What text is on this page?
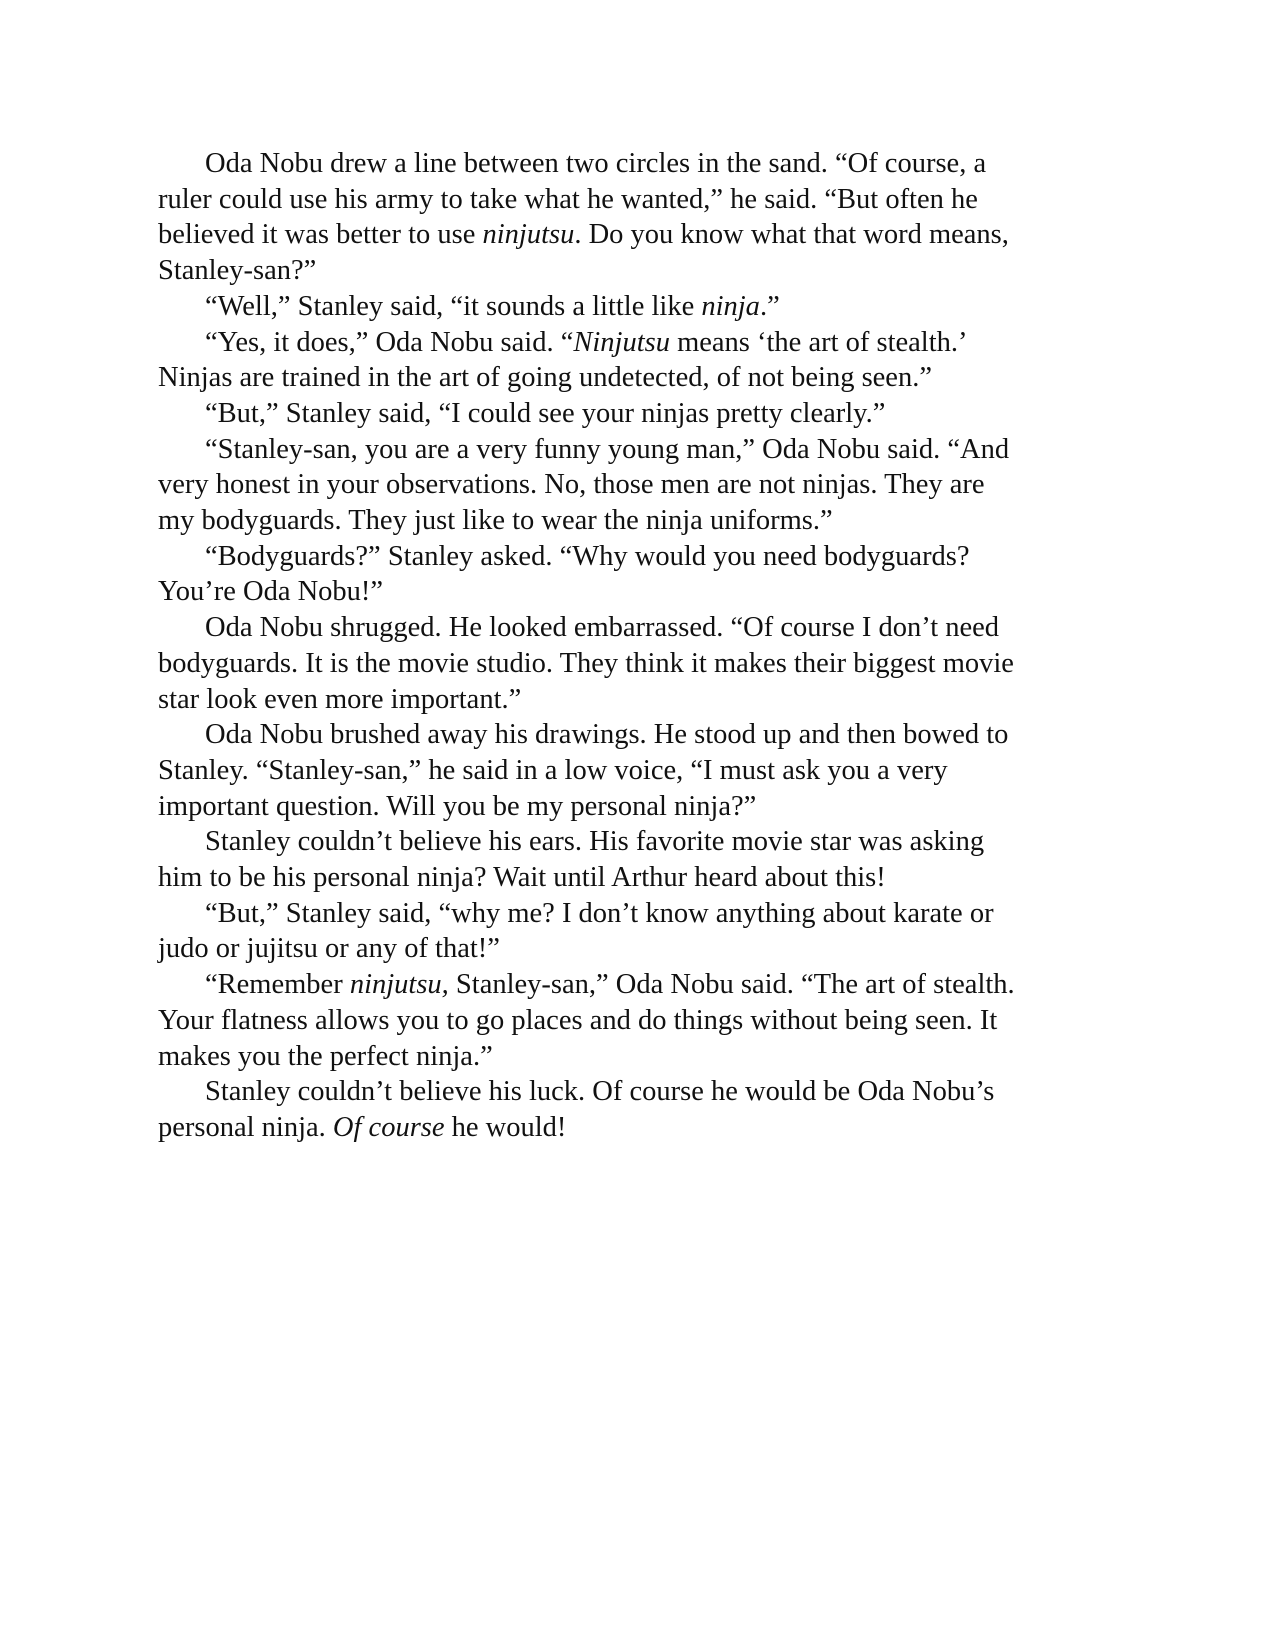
Oda Nobu drew a line between two circles in the sand. “Of course, a
ruler could use his army to take what he wanted,” he said. “But often he
believed it was better to use ninjutsu. Do you know what that word means,
Stanley-san?”

“Well,” Stanley said, “it sounds a little like ninja.”

“Yes, it does,” Oda Nobu said. “Ninjutsu means ‘the art of stealth.’
Ninjas are trained in the art of going undetected, of not being seen.”

“But,” Stanley said, “I could see your ninjas pretty clearly.”

“Stanley-san, you are a very funny young man,” Oda Nobu said. “And
very honest in your observations. No, those men are not ninjas. They are
my bodyguards. They just like to wear the ninja uniforms.”

“Bodyguards?” Stanley asked. “Why would you need bodyguards?
You’re Oda Nobu!”

Oda Nobu shrugged. He looked embarrassed. “Of course I don’t need
bodyguards. It is the movie studio. They think it makes their biggest movie
star look even more important.”

Oda Nobu brushed away his drawings. He stood up and then bowed to
Stanley. “Stanley-san,” he said in a low voice, “I must ask you a very
important question. Will you be my personal ninja?”

Stanley couldn’t believe his ears. His favorite movie star was asking
him to be his personal ninja? Wait until Arthur heard about this!

“But,” Stanley said, “why me? I don’t know anything about karate or
judo or jujitsu or any of that!”

“Remember ninjutsu, Stanley-san,” Oda Nobu said. “The art of stealth.
Your flatness allows you to go places and do things without being seen. It
makes you the perfect ninja.”

Stanley couldn’t believe his luck. Of course he would be Oda Nobu’s
personal ninja. Of course he would!
